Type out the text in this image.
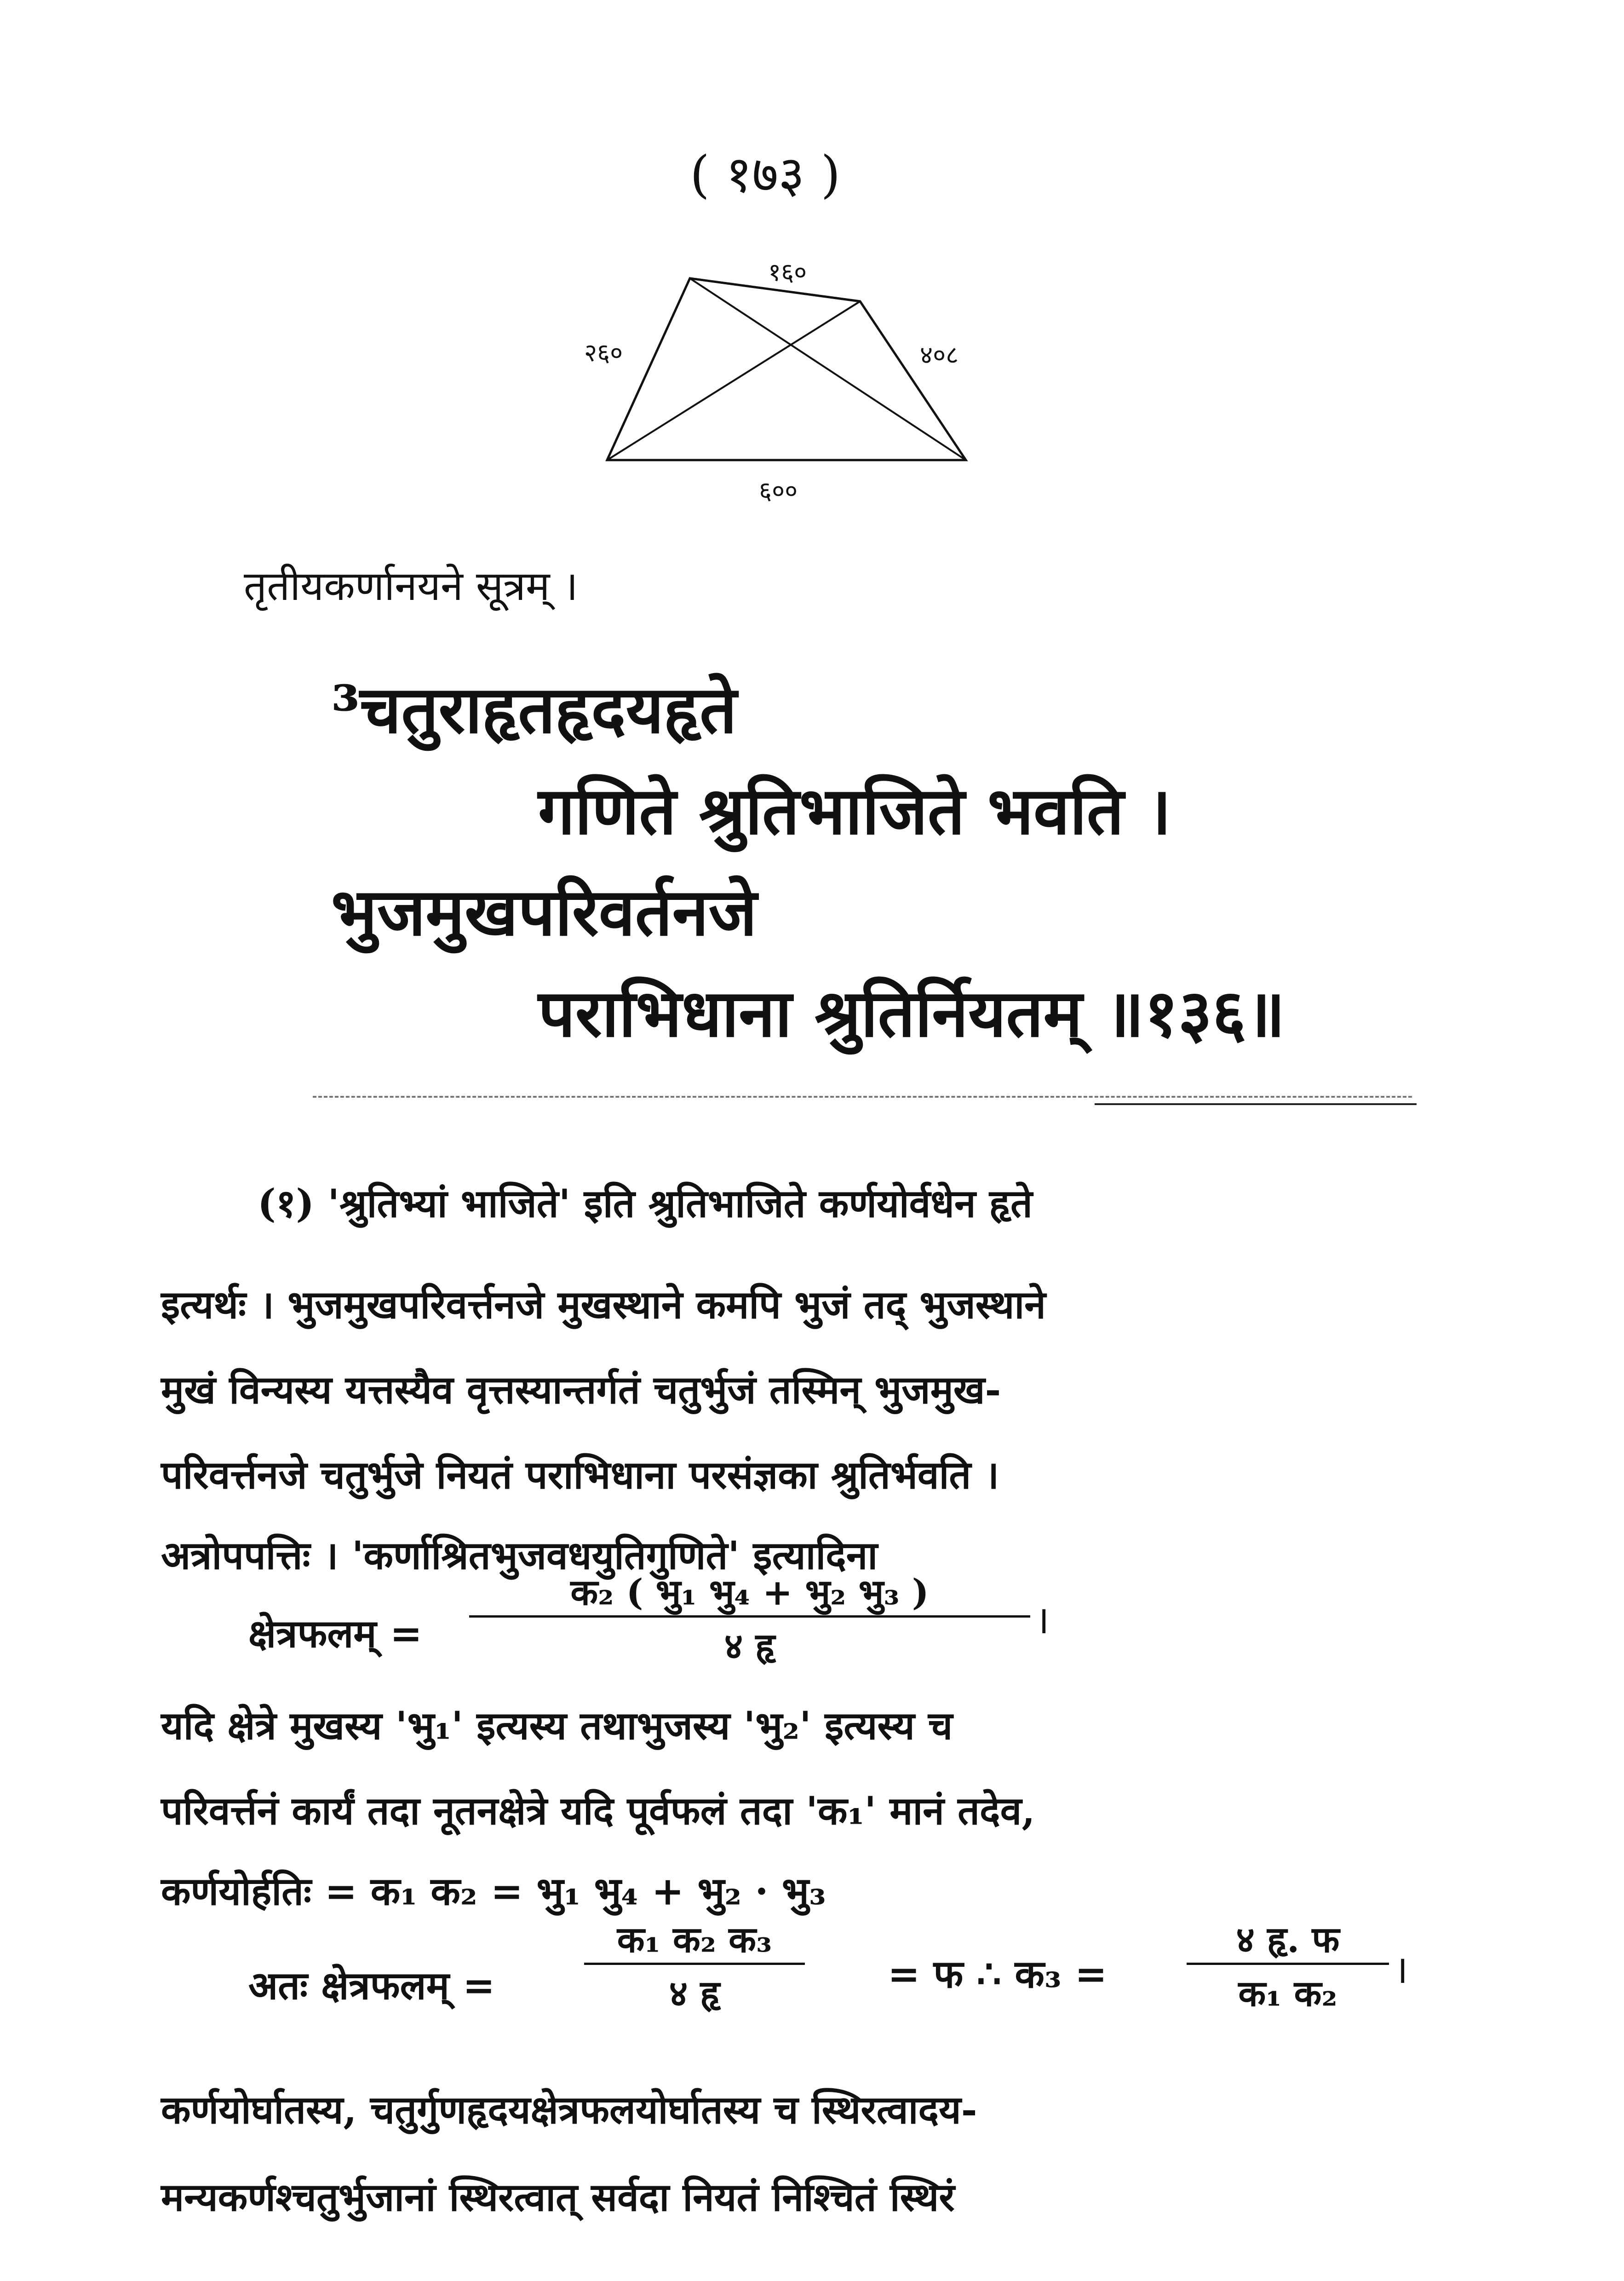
( १७३ )
१६०
२६०	४०८
६००
तृतीयकर्णानयने सूत्रम् ।
³चतुराहृतहृदयहृते
गणिते श्रुतिभाजिते भवति ।
भुजमुखपरिवर्तनजे
पराभिधाना श्रुतिर्नियतम् ॥१३६॥
(१) 'श्रुतिभ्यां भाजिते' इति श्रुतिभाजिते कर्णयोर्वधेन हृते
इत्यर्थः । भुजमुखपरिवर्त्तनजे मुखस्थाने कमपि भुजं तद् भुजस्थाने
मुखं विन्यस्य यत्तस्यैव वृत्तस्यान्तर्गतं चतुर्भुजं तस्मिन् भुजमुख-
परिवर्त्तनजे चतुर्भुजे नियतं पराभिधाना परसंज्ञका श्रुतिर्भवति ।
अत्रोपपत्तिः । 'कर्णाश्रितभुजवधयुतिगुणिते' इत्यादिना
क्षेत्रफलम् =
क₂ ( भु₁ भु₄ + भु₂ भु₃ )
४ हृ
।
यदि क्षेत्रे मुखस्य 'भु₁' इत्यस्य तथाभुजस्य 'भु₂' इत्यस्य च
परिवर्त्तनं कार्यं तदा नूतनक्षेत्रे यदि पूर्वफलं तदा 'क₁' मानं तदेव,
कर्णयोर्हतिः = क₁ क₂ = भु₁ भु₄ + भु₂ · भु₃
अतः क्षेत्रफलम् =
क₁ क₂ क₃
४ हृ	= फ ∴ क₃ =
४ हृ. फ
क₁ क₂
।
कर्णयोर्घातस्य, चतुर्गुणहृदयक्षेत्रफलयोर्घातस्य च स्थिरत्वादय-
मन्यकर्णश्चतुर्भुजानां स्थिरत्वात् सर्वदा नियतं निश्चितं स्थिरं
